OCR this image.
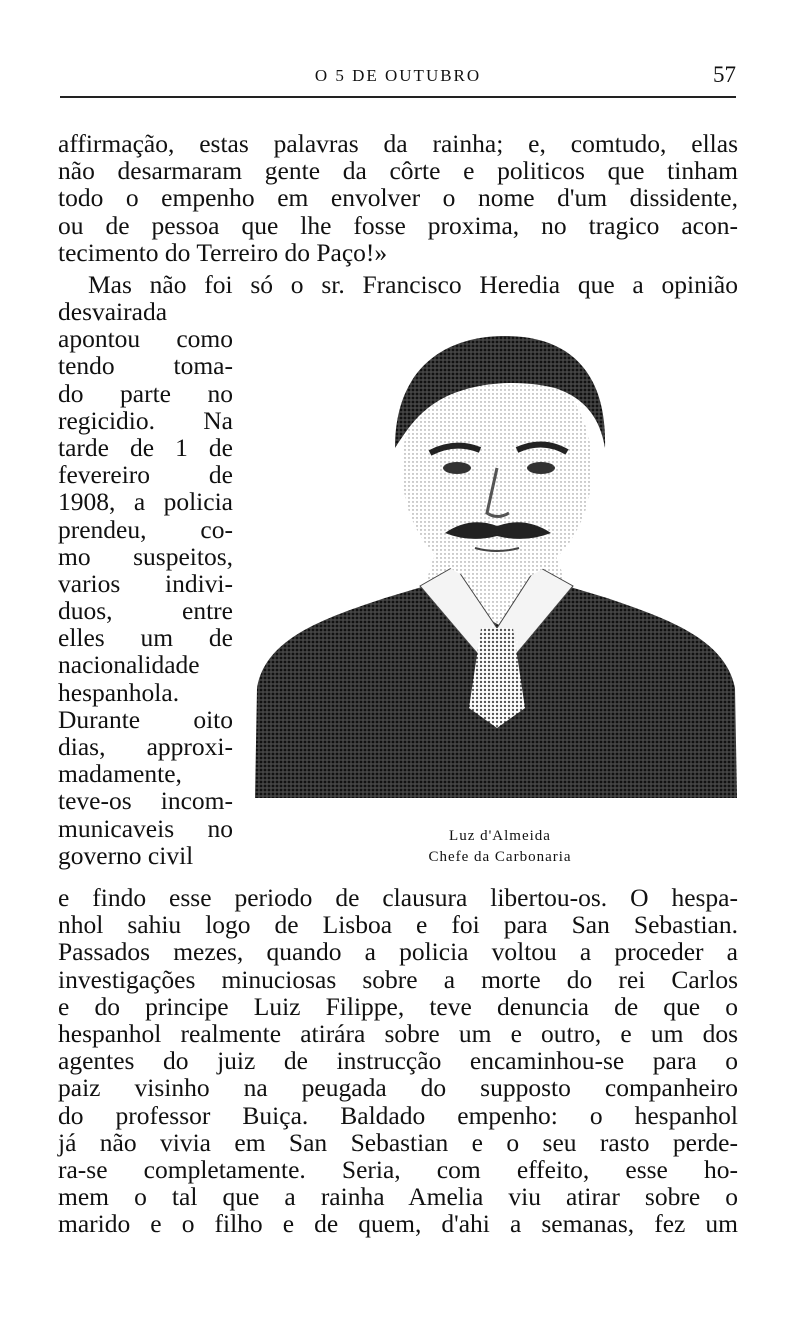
O 5 DE OUTUBRO	57
affirmação, estas palavras da rainha; e, comtudo, ellas
não desarmaram gente da côrte e politicos que tinham
todo o empenho em envolver o nome d'um dissidente,
ou de pessoa que lhe fosse proxima, no tragico acon-
tecimento do Terreiro do Paço!»
Mas não foi só o sr. Francisco Heredia que a opinião
desvairada
apontou como
tendo toma-
do parte no
regicidio. Na
tarde de 1 de
fevereiro de
1908, a policia
prendeu, co-
mo suspeitos,
varios indivi-
duos, entre
elles um de
nacionalidade
hespanhola.
Durante oito
dias, approxi-
madamente,
teve-os incom-
municaveis no
governo civil
Luz d'Almeida
Chefe da Carbonaria
e findo esse periodo de clausura libertou-os. O hespa-
nhol sahiu logo de Lisboa e foi para San Sebastian.
Passados mezes, quando a policia voltou a proceder a
investigações minuciosas sobre a morte do rei Carlos
e do principe Luiz Filippe, teve denuncia de que o
hespanhol realmente atirára sobre um e outro, e um dos
agentes do juiz de instrucção encaminhou-se para o
paiz visinho na peugada do supposto companheiro
do professor Buiça. Baldado empenho: o hespanhol
já não vivia em San Sebastian e o seu rasto perde-
ra-se completamente. Seria, com effeito, esse ho-
mem o tal que a rainha Amelia viu atirar sobre o
marido e o filho e de quem, d'ahi a semanas, fez um
